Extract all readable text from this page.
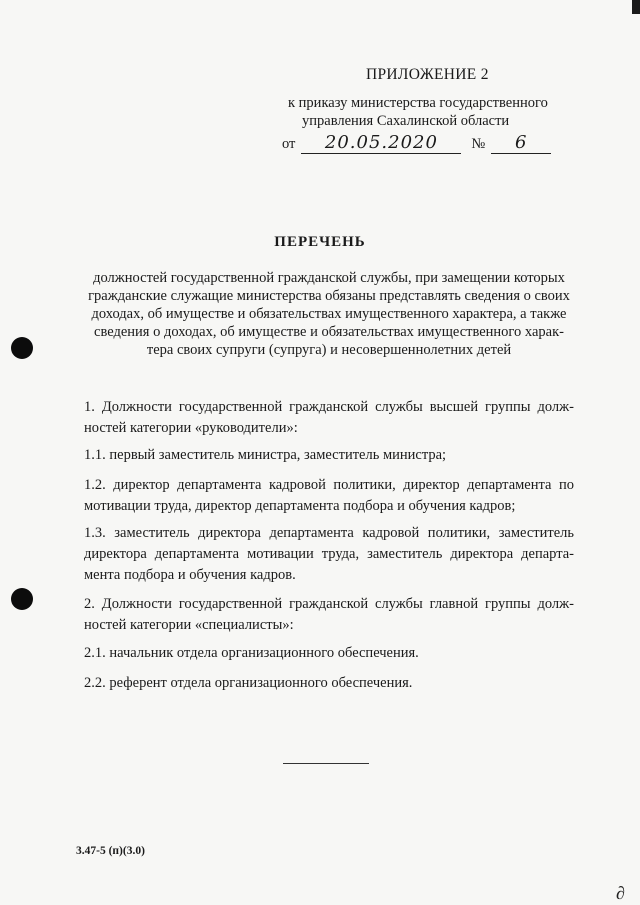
ПРИЛОЖЕНИЕ 2
к приказу министерства государственного
управления Сахалинской области
от 20.05.2020 № 6
ПЕРЕЧЕНЬ
должностей государственной гражданской службы, при замещении которых
гражданские служащие министерства обязаны представлять сведения о своих
доходах, об имуществе и обязательствах имущественного характера, а также
сведения о доходах, об имуществе и обязательствах имущественного харак-
тера своих супруги (супруга) и несовершеннолетних детей
1. Должности государственной гражданской службы высшей группы долж-ностей категории «руководители»:
1.1. первый заместитель министра, заместитель министра;
1.2. директор департамента кадровой политики, директор департамента по мотивации труда, директор департамента подбора и обучения кадров;
1.3. заместитель директора департамента кадровой политики, заместитель директора департамента мотивации труда, заместитель директора департа-мента подбора и обучения кадров.
2. Должности государственной гражданской службы главной группы долж-ностей категории «специалисты»:
2.1. начальник отдела организационного обеспечения.
2.2. референт отдела организационного обеспечения.
3.47-5 (п)(3.0)
∂
